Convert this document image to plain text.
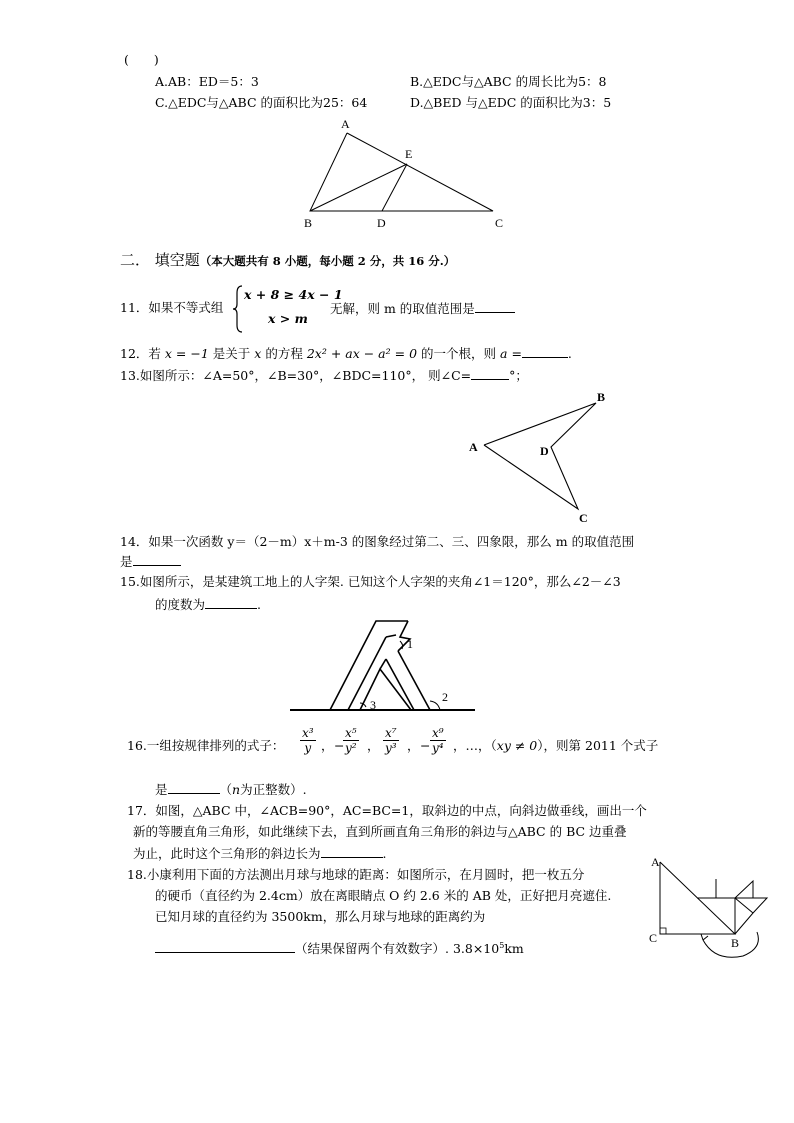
(　　)
A.AB：ED＝5：3	B.△EDC与△ABC 的周长比为5：8
C.△EDC与△ABC 的面积比为25：64	D.△BED 与△EDC 的面积比为3：5
A
E
B	D	C
二． 填空题（本大题共有 8 小题，每小题 2 分，共 16 分.）
11．如果不等式组
x + 8 ≥ 4x − 1
x > m
无解，则 m 的取值范围是
12．若 x = −1 是关于 x 的方程 2x² + ax − a² = 0 的一个根，则 a =	.
13.如图所示：∠A=50°，∠B=30°，∠BDC=110°， 则∠C=	°；
A
B
D
C
14．如果一次函数 y＝（2－m）x＋m-3 的图象经过第二、三、四象限，那么 m 的取值范围
是
15.如图所示，是某建筑工地上的人字架. 已知这个人字架的夹角∠1＝120°，那么∠2－∠3
的度数为	.
1
2
3
16.一组按规律排列的式子： $\frac{\text{x³}}{y}$ ， −
$\frac{\text{x⁵}}{\text{y²}}$ ， $\frac{\text{x⁷}}{\text{y³}}$ ， − $\frac{\text{x⁹}}{\text{y⁴}}$ ，…，（xy ≠ 0），则第 2011 个式子
是	（n为正整数）.
17．如图，△ABC 中，∠ACB=90°，AC=BC=1，取斜边的中点，向斜边做垂线，画出一个
新的等腰直角三角形，如此继续下去，直到所画直角三角形的斜边与△ABC 的 BC 边重叠
为止，此时这个三角形的斜边长为	.
A
C	B
18.小康利用下面的方法测出月球与地球的距离：如图所示，在月圆时，把一枚五分
的硬币（直径约为 2.4cm）放在离眼睛点 O 约 2.6 米的 AB 处，正好把月亮遮住.
已知月球的直径约为 3500km，那么月球与地球的距离约为
（结果保留两个有效数字）. $3.8\times 10^5km$
